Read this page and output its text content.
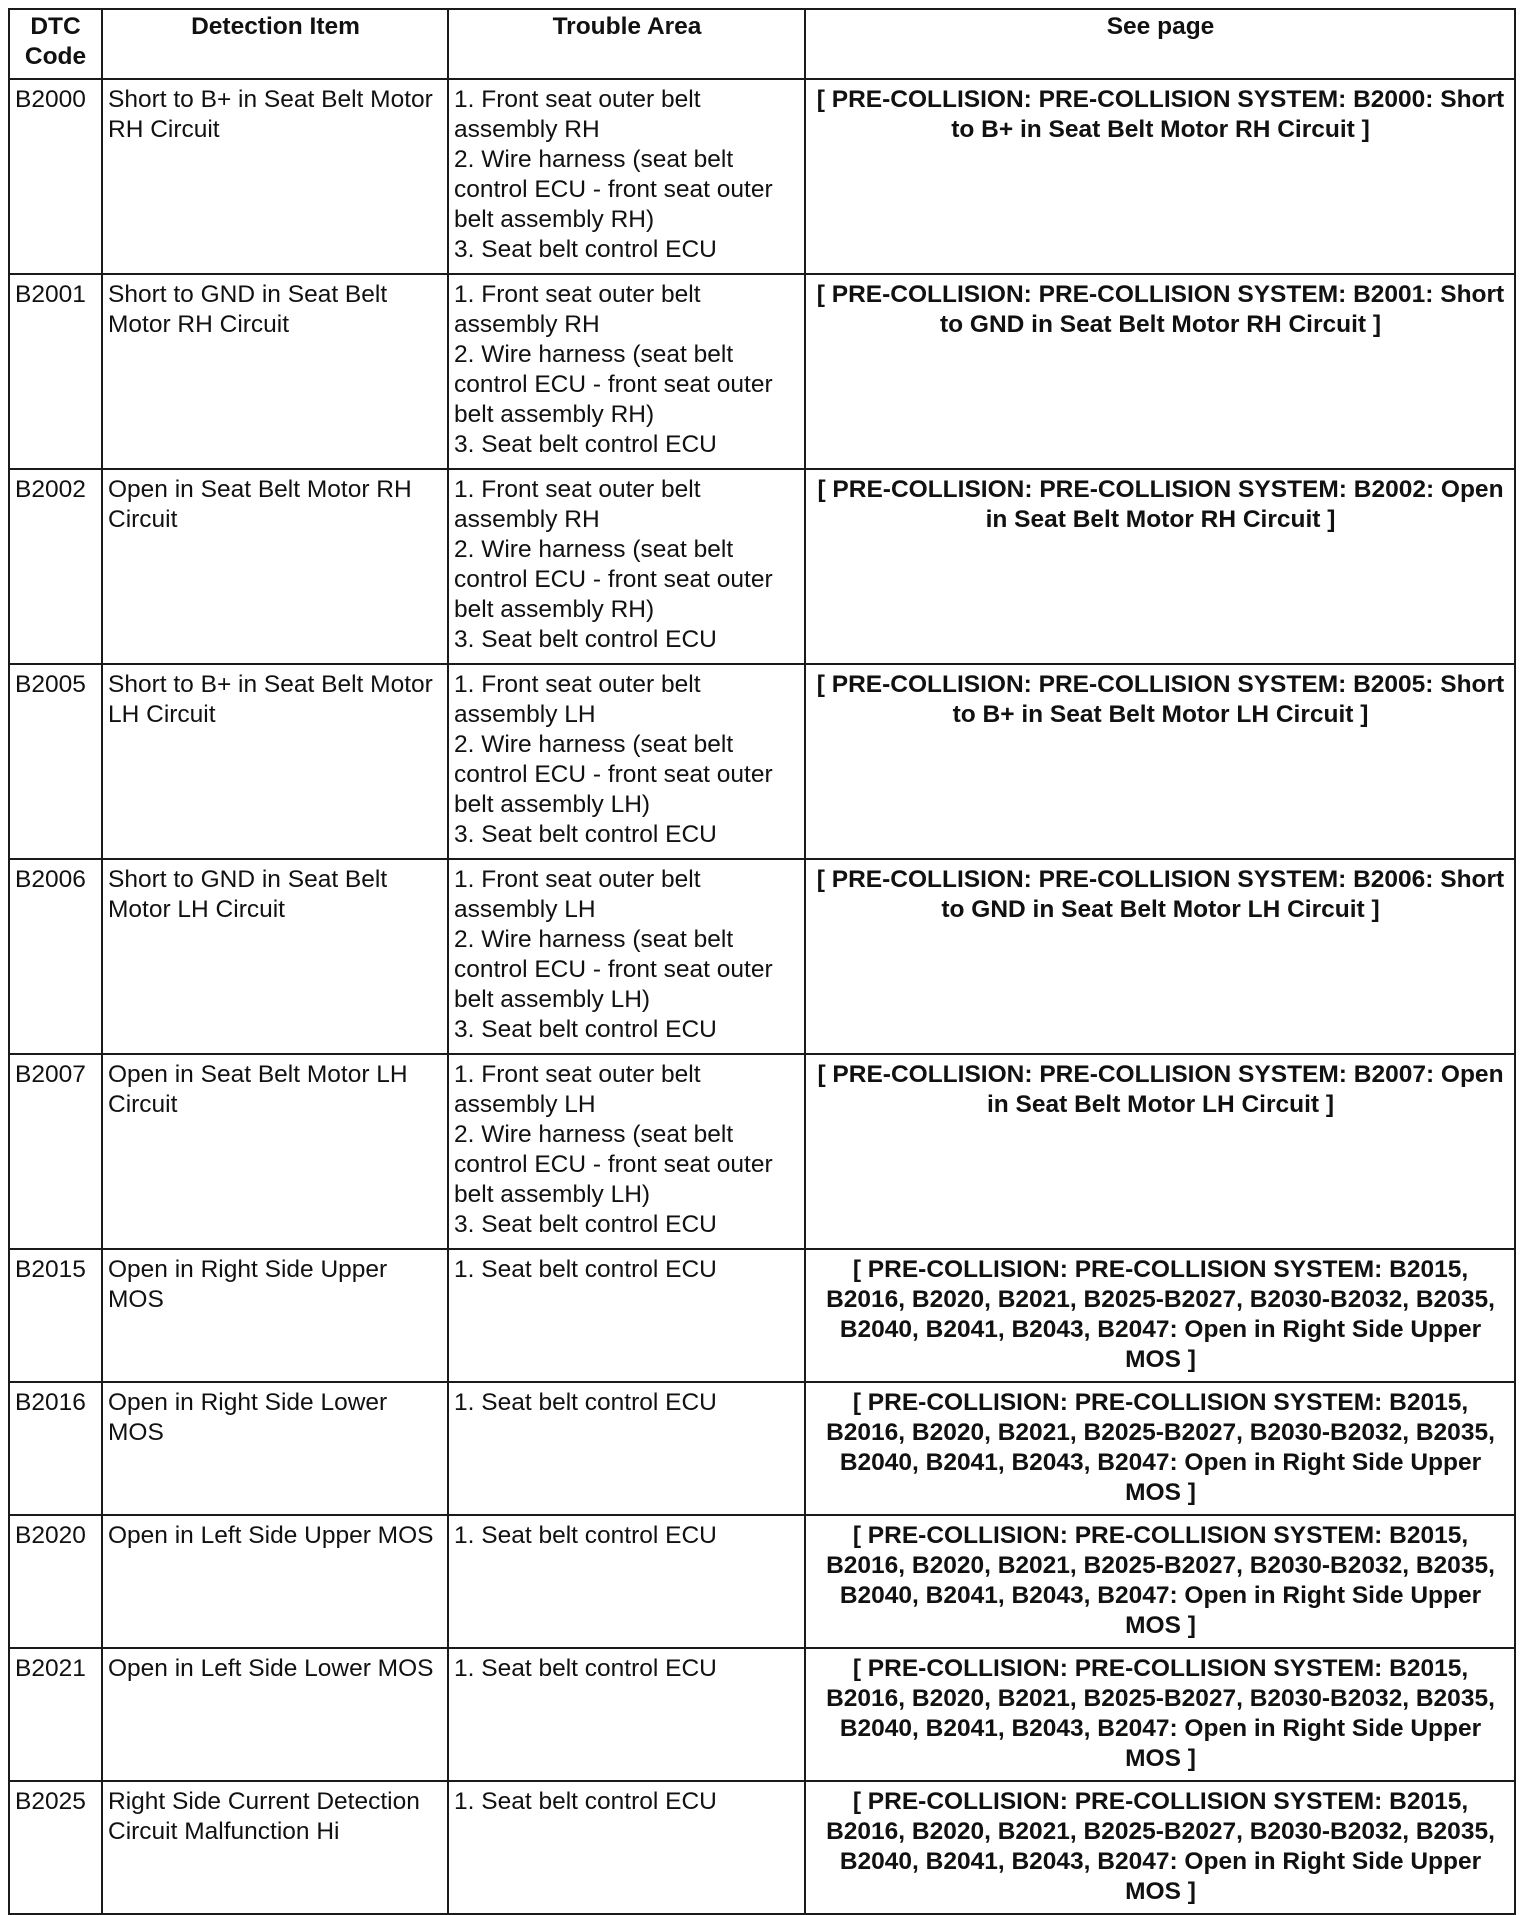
DTC Code	Detection Item	Trouble Area	See page
B2000	Short to B+ in Seat Belt Motor RH Circuit	1. Front seat outer belt assembly RH
2. Wire harness (seat belt control ECU - front seat outer belt assembly RH)
3. Seat belt control ECU	[ PRE-COLLISION: PRE-COLLISION SYSTEM: B2000: Short to B+ in Seat Belt Motor RH Circuit ]
B2001	Short to GND in Seat Belt Motor RH Circuit	1. Front seat outer belt assembly RH
2. Wire harness (seat belt control ECU - front seat outer belt assembly RH)
3. Seat belt control ECU	[ PRE-COLLISION: PRE-COLLISION SYSTEM: B2001: Short to GND in Seat Belt Motor RH Circuit ]
B2002	Open in Seat Belt Motor RH Circuit	1. Front seat outer belt assembly RH
2. Wire harness (seat belt control ECU - front seat outer belt assembly RH)
3. Seat belt control ECU	[ PRE-COLLISION: PRE-COLLISION SYSTEM: B2002: Open in Seat Belt Motor RH Circuit ]
B2005	Short to B+ in Seat Belt Motor LH Circuit	1. Front seat outer belt assembly LH
2. Wire harness (seat belt control ECU - front seat outer belt assembly LH)
3. Seat belt control ECU	[ PRE-COLLISION: PRE-COLLISION SYSTEM: B2005: Short to B+ in Seat Belt Motor LH Circuit ]
B2006	Short to GND in Seat Belt Motor LH Circuit	1. Front seat outer belt assembly LH
2. Wire harness (seat belt control ECU - front seat outer belt assembly LH)
3. Seat belt control ECU	[ PRE-COLLISION: PRE-COLLISION SYSTEM: B2006: Short to GND in Seat Belt Motor LH Circuit ]
B2007	Open in Seat Belt Motor LH Circuit	1. Front seat outer belt assembly LH
2. Wire harness (seat belt control ECU - front seat outer belt assembly LH)
3. Seat belt control ECU	[ PRE-COLLISION: PRE-COLLISION SYSTEM: B2007: Open in Seat Belt Motor LH Circuit ]
B2015	Open in Right Side Upper MOS	1. Seat belt control ECU	[ PRE-COLLISION: PRE-COLLISION SYSTEM: B2015, B2016, B2020, B2021, B2025-B2027, B2030-B2032, B2035, B2040, B2041, B2043, B2047: Open in Right Side Upper MOS ]
B2016	Open in Right Side Lower MOS	1. Seat belt control ECU	[ PRE-COLLISION: PRE-COLLISION SYSTEM: B2015, B2016, B2020, B2021, B2025-B2027, B2030-B2032, B2035, B2040, B2041, B2043, B2047: Open in Right Side Upper MOS ]
B2020	Open in Left Side Upper MOS	1. Seat belt control ECU	[ PRE-COLLISION: PRE-COLLISION SYSTEM: B2015, B2016, B2020, B2021, B2025-B2027, B2030-B2032, B2035, B2040, B2041, B2043, B2047: Open in Right Side Upper MOS ]
B2021	Open in Left Side Lower MOS	1. Seat belt control ECU	[ PRE-COLLISION: PRE-COLLISION SYSTEM: B2015, B2016, B2020, B2021, B2025-B2027, B2030-B2032, B2035, B2040, B2041, B2043, B2047: Open in Right Side Upper MOS ]
B2025	Right Side Current Detection Circuit Malfunction Hi	1. Seat belt control ECU	[ PRE-COLLISION: PRE-COLLISION SYSTEM: B2015, B2016, B2020, B2021, B2025-B2027, B2030-B2032, B2035, B2040, B2041, B2043, B2047: Open in Right Side Upper MOS ]
